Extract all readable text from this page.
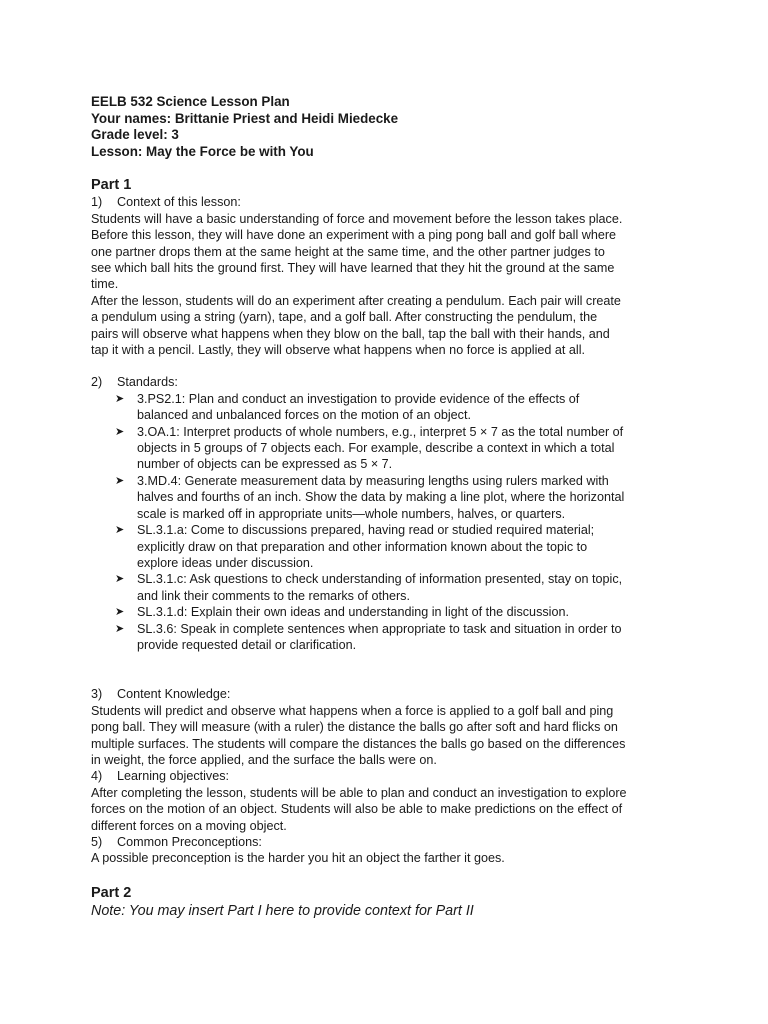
EELB 532 Science Lesson Plan
Your names: Brittanie Priest and Heidi Miedecke
Grade level: 3
Lesson: May the Force be with You
Part 1
1)	Context of this lesson:
Students will have a basic understanding of force and movement before the lesson takes place.
Before this lesson, they will have done an experiment with a ping pong ball and golf ball where
one partner drops them at the same height at the same time, and the other partner judges to
see which ball hits the ground first. They will have learned that they hit the ground at the same
time.
After the lesson, students will do an experiment after creating a pendulum. Each pair will create
a pendulum using a string (yarn), tape, and a golf ball. After constructing the pendulum, the
pairs will observe what happens when they blow on the ball, tap the ball with their hands, and
tap it with a pencil. Lastly, they will observe what happens when no force is applied at all.
2)	Standards:
➤ 3.PS2.1: Plan and conduct an investigation to provide evidence of the effects of
balanced and unbalanced forces on the motion of an object.
➤ 3.OA.1: Interpret products of whole numbers, e.g., interpret 5 × 7 as the total number of
objects in 5 groups of 7 objects each. For example, describe a context in which a total
number of objects can be expressed as 5 × 7.
➤ 3.MD.4: Generate measurement data by measuring lengths using rulers marked with
halves and fourths of an inch. Show the data by making a line plot, where the horizontal
scale is marked off in appropriate units—whole numbers, halves, or quarters.
➤ SL.3.1.a: Come to discussions prepared, having read or studied required material;
explicitly draw on that preparation and other information known about the topic to
explore ideas under discussion.
➤ SL.3.1.c: Ask questions to check understanding of information presented, stay on topic,
and link their comments to the remarks of others.
➤ SL.3.1.d: Explain their own ideas and understanding in light of the discussion.
➤ SL.3.6: Speak in complete sentences when appropriate to task and situation in order to
provide requested detail or clarification.
3)	Content Knowledge:
Students will predict and observe what happens when a force is applied to a golf ball and ping
pong ball. They will measure (with a ruler) the distance the balls go after soft and hard flicks on
multiple surfaces. The students will compare the distances the balls go based on the differences
in weight, the force applied, and the surface the balls were on.
4)	Learning objectives:
After completing the lesson, students will be able to plan and conduct an investigation to explore
forces on the motion of an object. Students will also be able to make predictions on the effect of
different forces on a moving object.
5)	Common Preconceptions:
A possible preconception is the harder you hit an object the farther it goes.
Part 2
Note: You may insert Part I here to provide context for Part II
